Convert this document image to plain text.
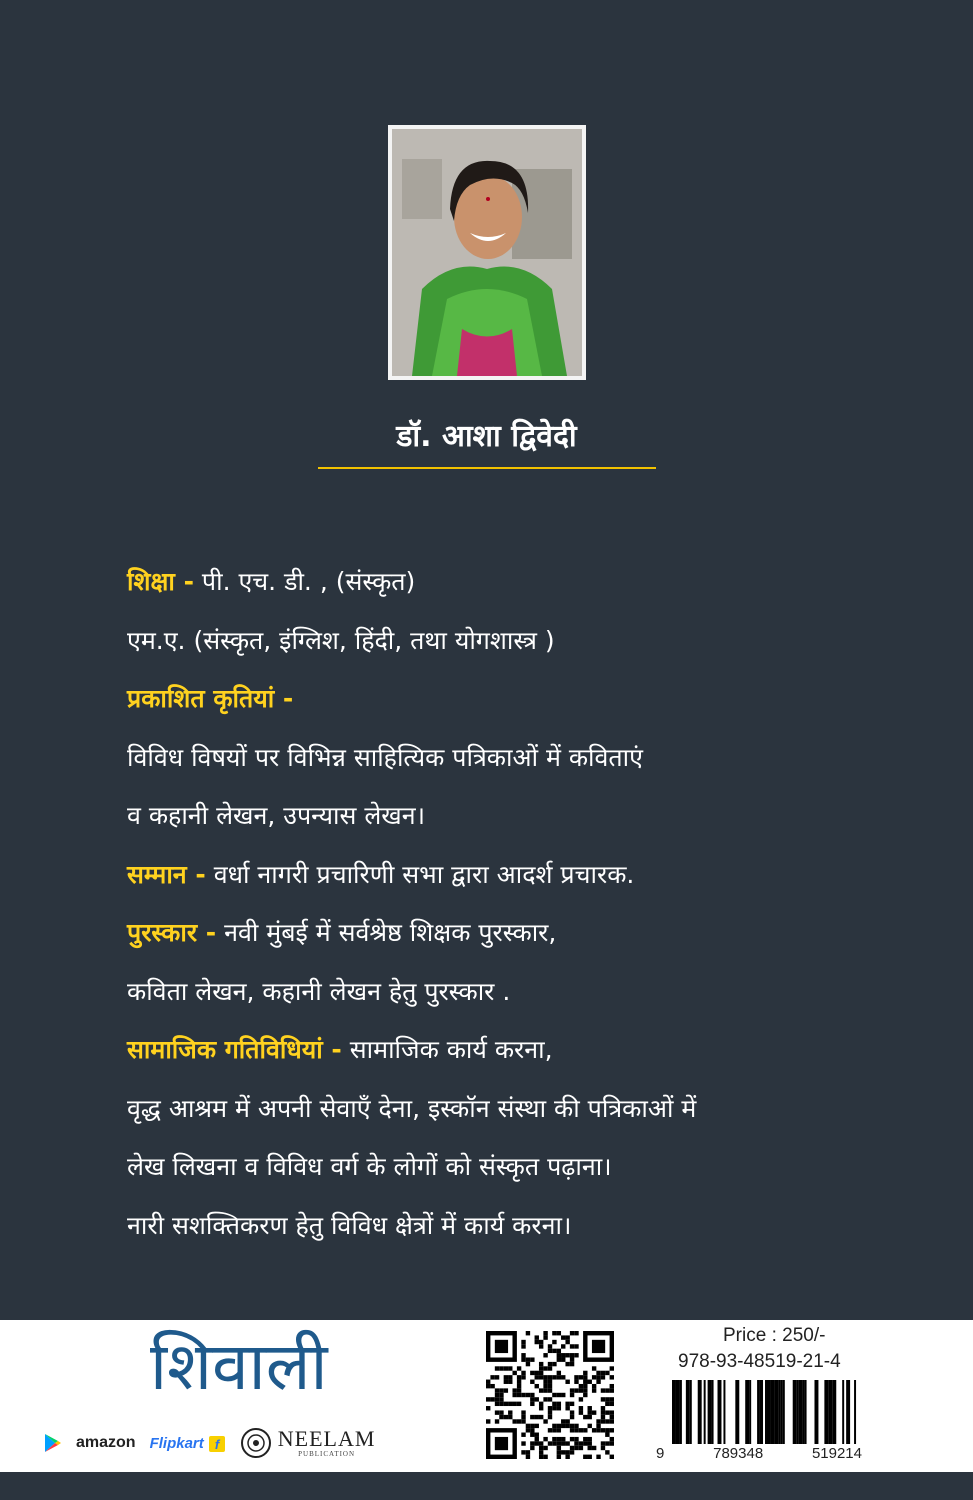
डॉ. आशा द्विवेदी
शिक्षा - पी. एच. डी. , (संस्कृत)
एम.ए. (संस्कृत, इंग्लिश, हिंदी, तथा योगशास्त्र )
प्रकाशित कृतियां -
विविध विषयों पर विभिन्न साहित्यिक पत्रिकाओं में कविताएं
व कहानी लेखन, उपन्यास लेखन।
सम्मान - वर्धा नागरी प्रचारिणी सभा द्वारा आदर्श प्रचारक.
पुरस्कार - नवी मुंबई में सर्वश्रेष्ठ शिक्षक पुरस्कार,
कविता लेखन, कहानी लेखन हेतु पुरस्कार .
सामाजिक गतिविधियां - सामाजिक कार्य करना,
वृद्ध आश्रम में अपनी सेवाएँ देना, इस्कॉन संस्था की पत्रिकाओं में
लेख लिखना व विविध वर्ग के लोगों को संस्कृत पढ़ाना।
नारी सशक्तिकरण हेतु विविध क्षेत्रों में कार्य करना।
शिवाली
amazon Flipkart f	NEELAM
PUBLICATION
Price : 250/-
978-93-48519-21-4
9	789348	519214
